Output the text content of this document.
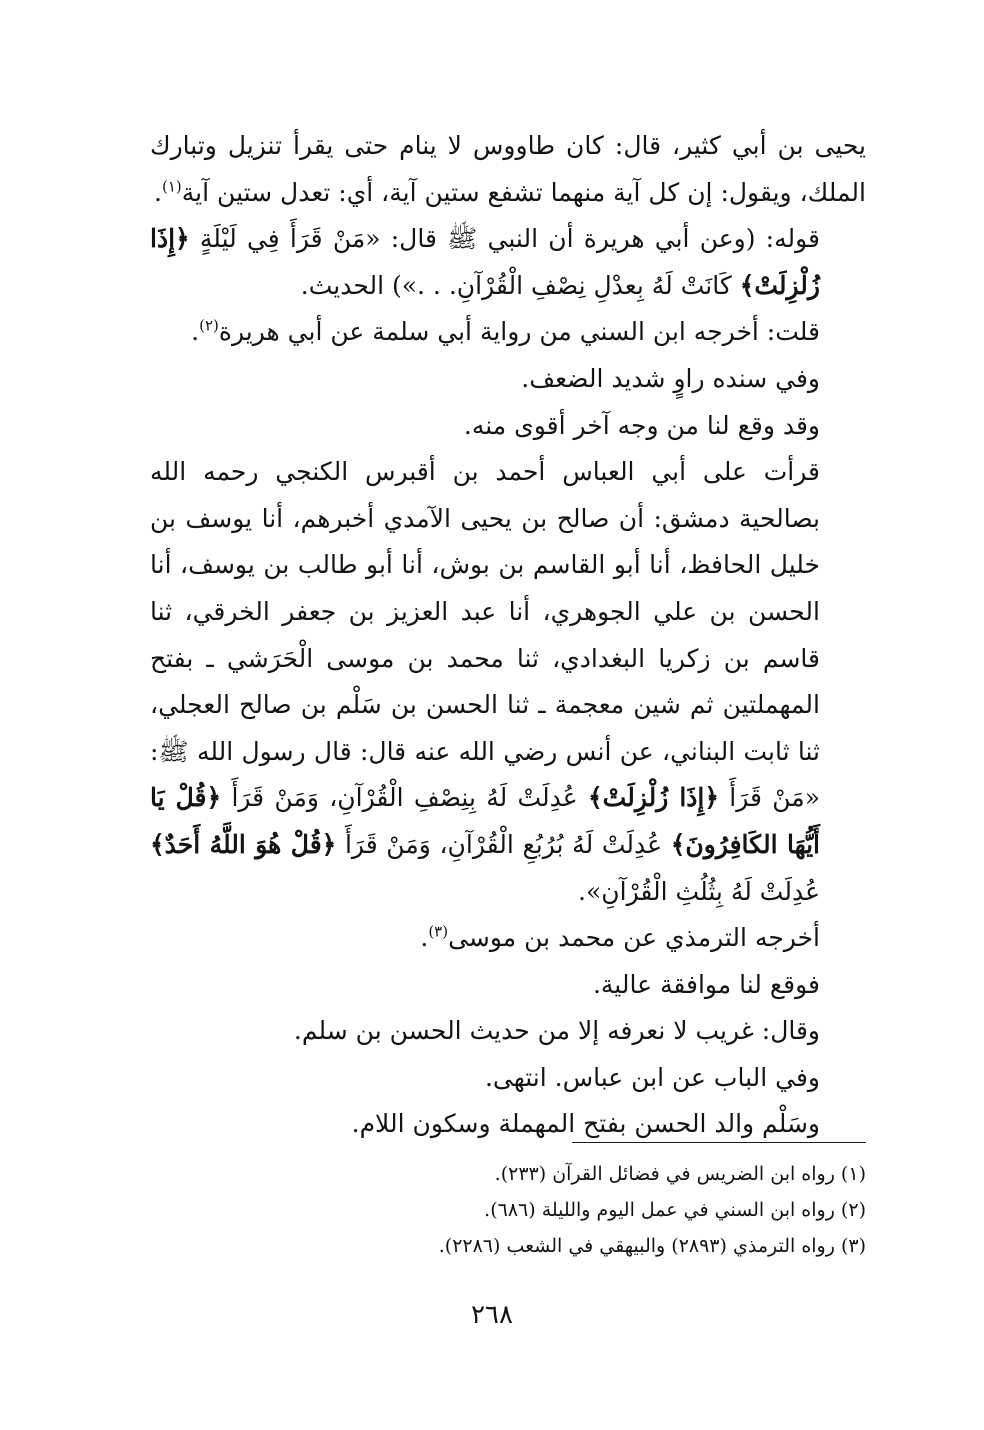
يحيى بن أبي كثير، قال: كان طاووس لا ينام حتى يقرأ تنزيل وتبارك الملك، ويقول: إن كل آية منهما تشفع ستين آية، أي: تعدل ستين آية$^{(١)}$.

قوله: (وعن أبي هريرة أن النبي ﷺ قال: «مَنْ قَرَأَ فِي لَيْلَةٍ ﴿إِذَا زُلْزِلَتْ﴾ كَانَتْ لَهُ بِعدْلِ نِصْفِ الْقُرْآنِ. . .») الحديث.

قلت: أخرجه ابن السني من رواية أبي سلمة عن أبي هريرة$^{(٢)}$.

وفي سنده راوٍ شديد الضعف.

وقد وقع لنا من وجه آخر أقوى منه.

قرأت على أبي العباس أحمد بن أقبرس الكنجي رحمه الله بصالحية دمشق: أن صالح بن يحيى الآمدي أخبرهم، أنا يوسف بن خليل الحافظ، أنا أبو القاسم بن بوش، أنا أبو طالب بن يوسف، أنا الحسن بن علي الجوهري، أنا عبد العزيز بن جعفر الخرقي، ثنا قاسم بن زكريا البغدادي، ثنا محمد بن موسى الْحَرَشي ـ بفتح المهملتين ثم شين معجمة ـ ثنا الحسن بن سَلْم بن صالح العجلي، ثنا ثابت البناني، عن أنس رضي الله عنه قال: قال رسول الله ﷺ: «مَنْ قَرَأَ ﴿إِذَا زُلْزِلَتْ﴾ عُدِلَتْ لَهُ بِنِصْفِ الْقُرْآنِ، وَمَنْ قَرَأَ ﴿قُلْ يَا أَيُّهَا الكَافِرُونَ﴾ عُدِلَتْ لَهُ بُرُبُعِ الْقُرْآنِ، وَمَنْ قَرَأَ ﴿قُلْ هُوَ اللَّهُ أَحَدٌ﴾ عُدِلَتْ لَهُ بِثُلُثِ الْقُرْآنِ».

أخرجه الترمذي عن محمد بن موسى$^{(٣)}$.

فوقع لنا موافقة عالية.

وقال: غريب لا نعرفه إلا من حديث الحسن بن سلم.

وفي الباب عن ابن عباس. انتهى.

وسَلْم والد الحسن بفتح المهملة وسكون اللام.

(١) رواه ابن الضريس في فضائل القرآن (٢٣٣).

(٢) رواه ابن السني في عمل اليوم والليلة (٦٨٦).

(٣) رواه الترمذي (٢٨٩٣) والبيهقي في الشعب (٢٢٨٦).

٢٦٨
